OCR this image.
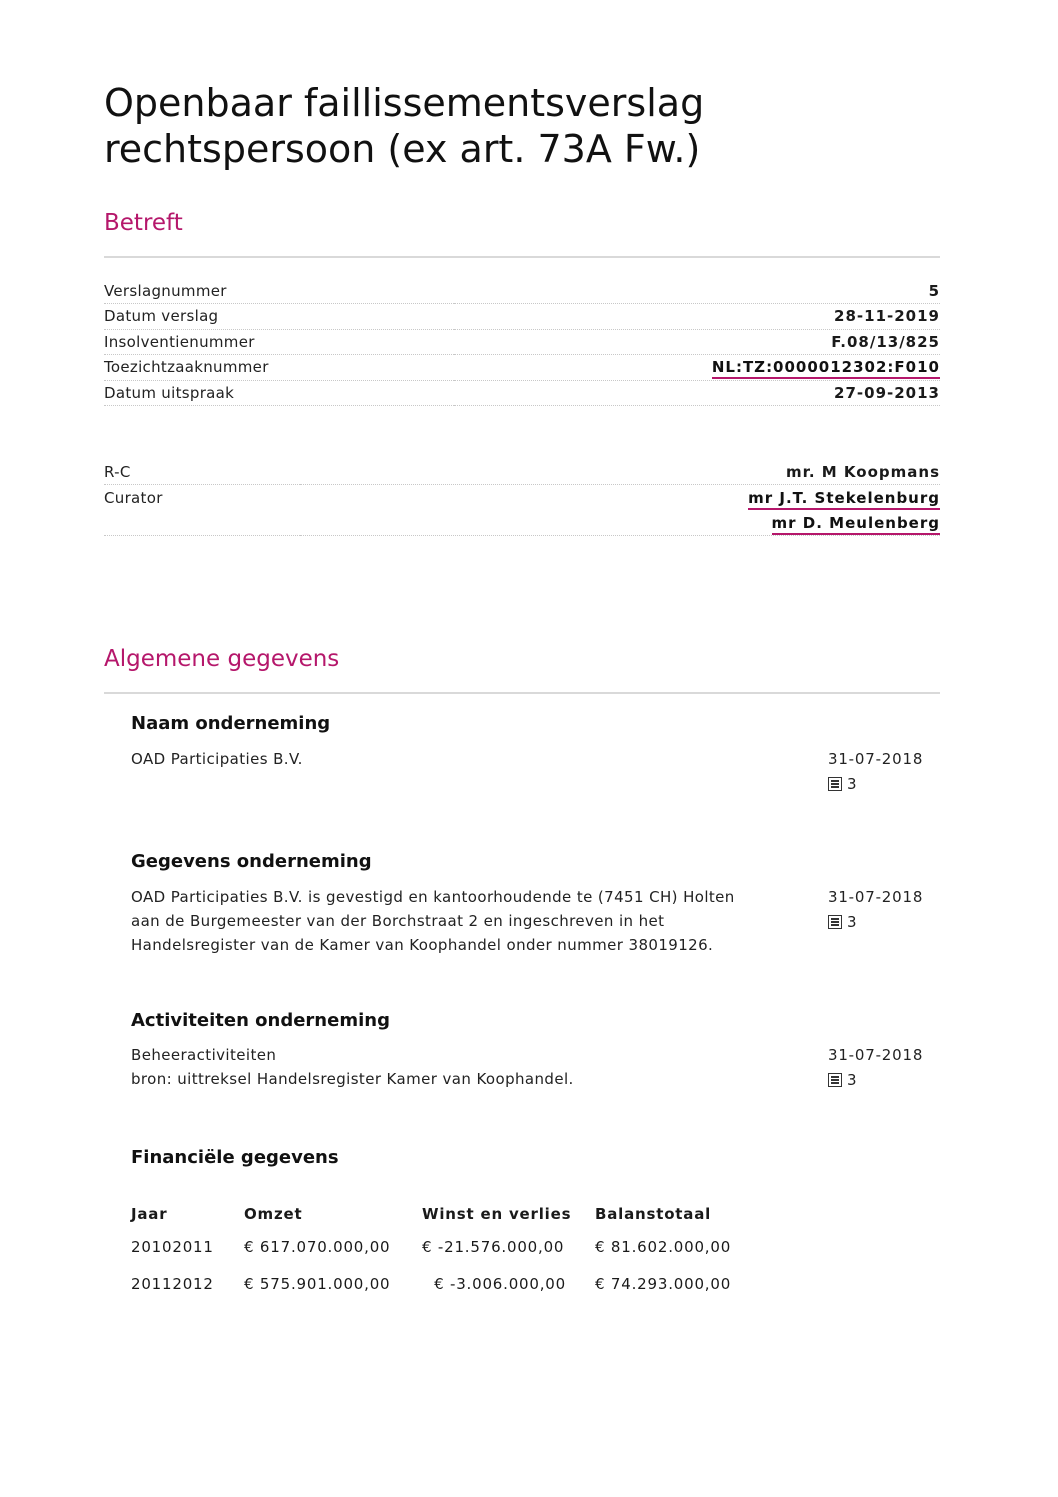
Openbaar faillissementsverslag
rechtspersoon (ex art. 73A Fw.)
Betreft
Verslagnummer	5
Datum verslag	28-11-2019
Insolventienummer	F.08/13/825
Toezichtzaaknummer	NL:TZ:0000012302:F010
Datum uitspraak	27-09-2013
R-C	mr. M Koopmans
Curator	mr J.T. Stekelenburg
	mr D. Meulenberg
Algemene gegevens
Naam onderneming
OAD Participaties B.V.	31-07-2018
3
Gegevens onderneming
OAD Participaties B.V. is gevestigd en kantoorhoudende te (7451 CH) Holten
aan de Burgemeester van der Borchstraat 2 en ingeschreven in het
Handelsregister van de Kamer van Koophandel onder nummer 38019126.
31-07-2018
3
Activiteiten onderneming
Beheeractiviteiten
bron: uittreksel Handelsregister Kamer van Koophandel.
31-07-2018
3
Financiële gegevens
Jaar	Omzet	Winst en verlies	Balanstotaal
20102011	€ 617.070.000,00	€ -21.576.000,00	€ 81.602.000,00
20112012	€ 575.901.000,00	€ -3.006.000,00	€ 74.293.000,00
